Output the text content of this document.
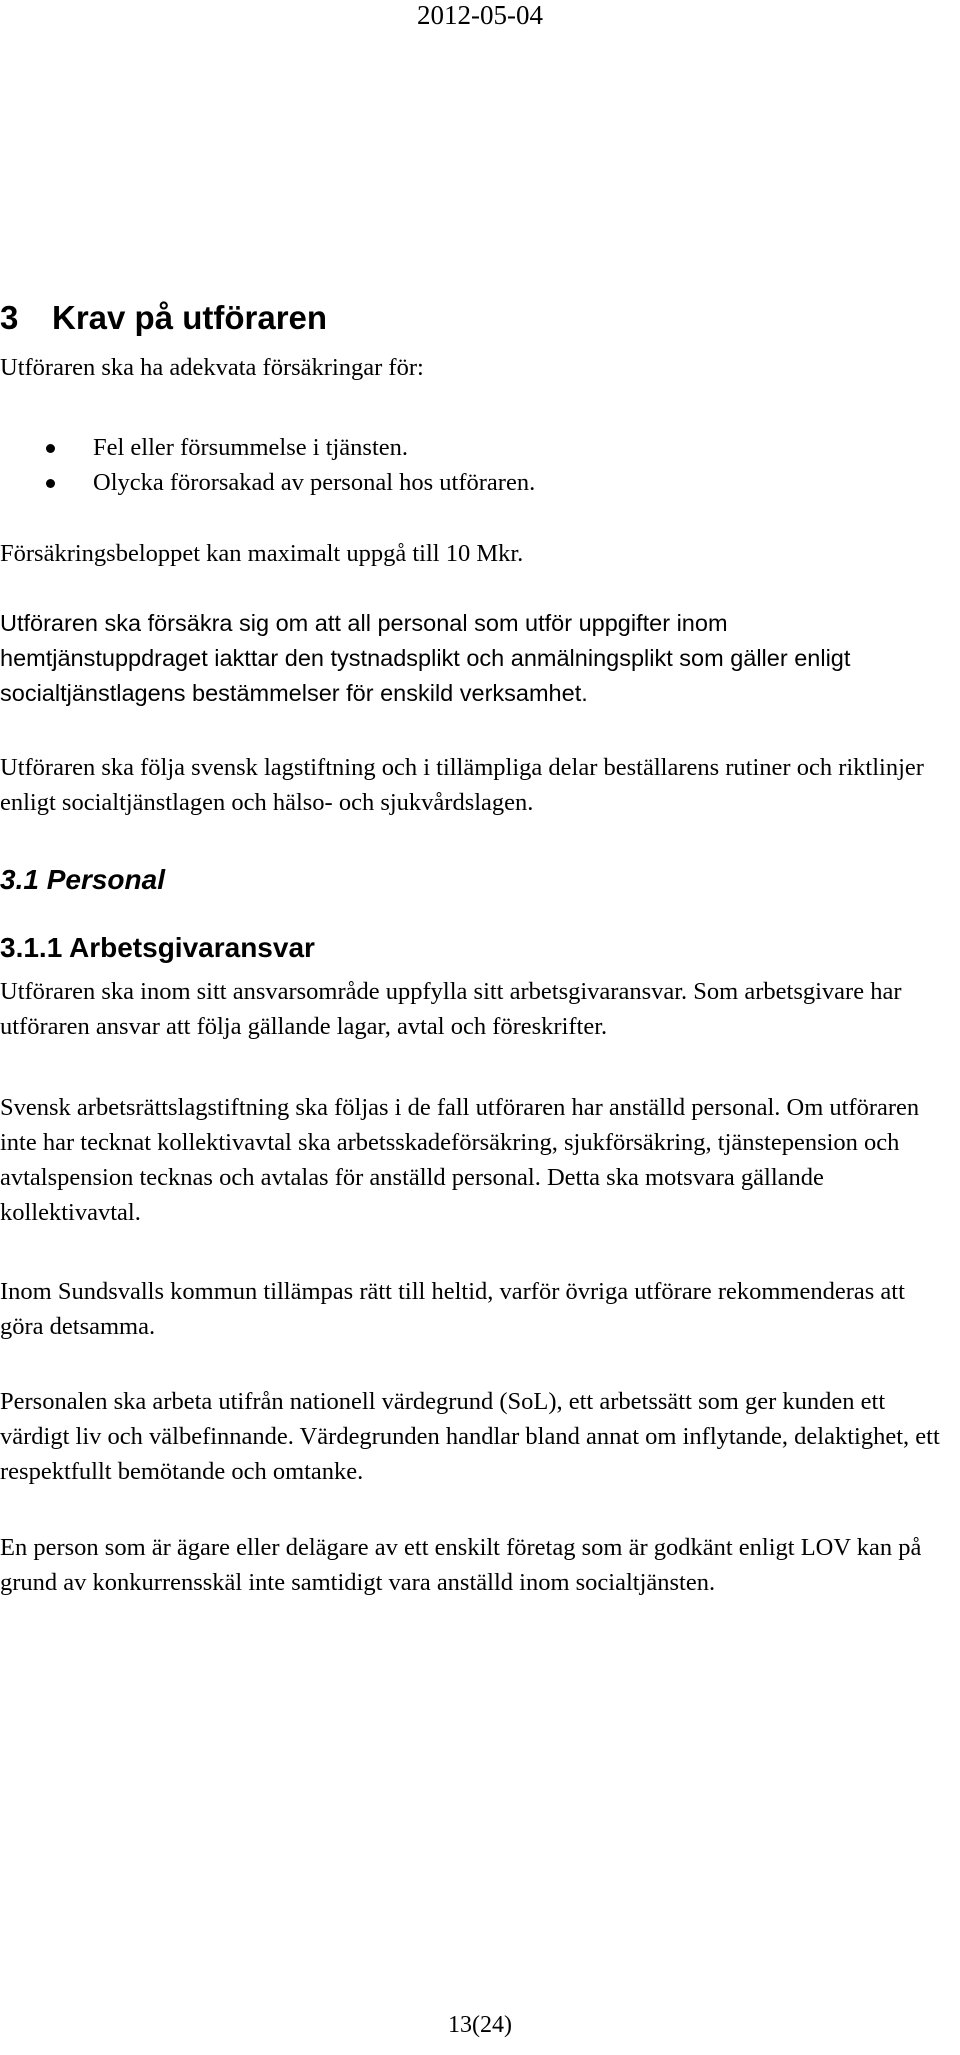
2012-05-04
3 Krav på utföraren

Utföraren ska ha adekvata försäkringar för:

Fel eller försummelse i tjänsten.
Olycka förorsakad av personal hos utföraren.

Försäkringsbeloppet kan maximalt uppgå till 10 Mkr.

Utföraren ska försäkra sig om att all personal som utför uppgifter inom hemtjänstuppdraget iakttar den tystnadsplikt och anmälningsplikt som gäller enligt socialtjänstlagens bestämmelser för enskild verksamhet.

Utföraren ska följa svensk lagstiftning och i tillämpliga delar beställarens rutiner och riktlinjer enligt socialtjänstlagen och hälso- och sjukvårdslagen.

3.1 Personal
3.1.1 Arbetsgivaransvar

Utföraren ska inom sitt ansvarsområde uppfylla sitt arbetsgivaransvar. Som arbetsgivare har utföraren ansvar att följa gällande lagar, avtal och föreskrifter.

Svensk arbetsrättslagstiftning ska följas i de fall utföraren har anställd personal. Om utföraren inte har tecknat kollektivavtal ska arbetsskadeförsäkring, sjukförsäkring, tjänstepension och avtalspension tecknas och avtalas för anställd personal. Detta ska motsvara gällande kollektivavtal.

Inom Sundsvalls kommun tillämpas rätt till heltid, varför övriga utförare rekommenderas att göra detsamma.

Personalen ska arbeta utifrån nationell värdegrund (SoL), ett arbetssätt som ger kunden ett värdigt liv och välbefinnande. Värdegrunden handlar bland annat om inflytande, delaktighet, ett respektfullt bemötande och omtanke.

En person som är ägare eller delägare av ett enskilt företag som är godkänt enligt LOV kan på grund av konkurrensskäl inte samtidigt vara anställd inom socialtjänsten.

13(24)
